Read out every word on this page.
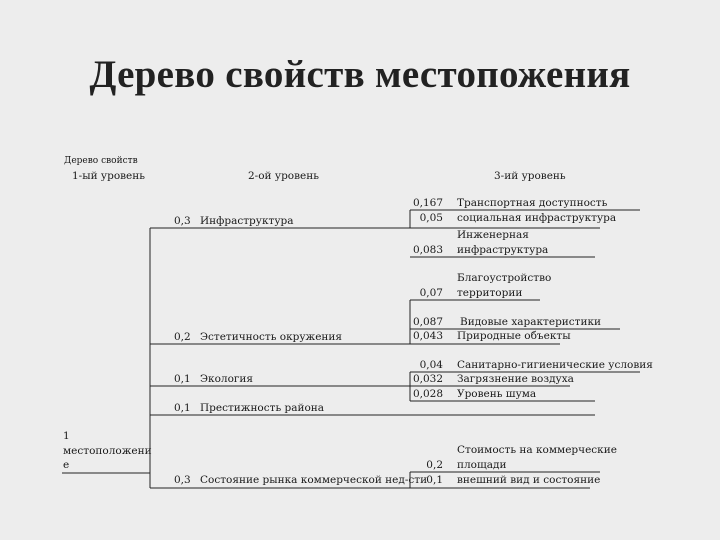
Дерево свойств местопожения
Дерево свойств
1-ый уровень	2-ой уровень	3-ий уровень
1
местоположени
е
0,3 Инфраструктура
0,2 Эстетичность окружения
0,1 Экология
0,1 Престижность района
0,3 Состояние рынка коммерческой нед-сти
0,167
0,05
0,083
0,07
0,087
0,043
0,04
0,032
0,028
0,2
0,1
Транспортная доступность
социальная инфраструктура
Инженерная
инфраструктура
Благоустройство
территории
Видовые характеристики
Природные объекты
Санитарно-гигиенические условия
Загрязнение воздуха
Уровень шума
Стоимость на коммерческие
площади
внешний вид и состояние
